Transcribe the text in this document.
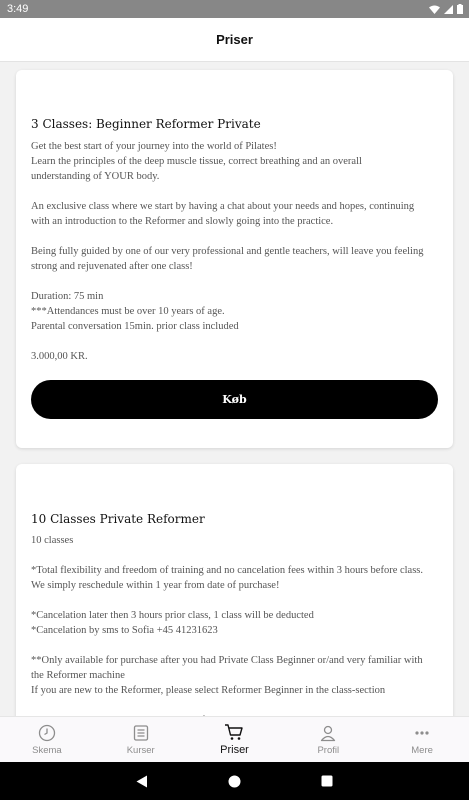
3:49
Priser
3 Classes: Beginner Reformer Private
Get the best start of your journey into the world of Pilates!
Learn the principles of the deep muscle tissue, correct breathing and an overall
understanding of YOUR body.
An exclusive class where we start by having a chat about your needs and hopes, continuing
with an introduction to the Reformer and slowly going into the practice.
Being fully guided by one of our very professional and gentle teachers, will leave you feeling
strong and rejuvenated after one class!
Duration: 75 min
***Attendances must be over 10 years of age.
Parental conversation 15min. prior class included
3.000,00 KR.
Køb
10 Classes Private Reformer
10 classes
*Total flexibility and freedom of training and no cancelation fees within 3 hours before class.
We simply reschedule within 1 year from date of purchase!
*Cancelation later then 3 hours prior class, 1 class will be deducted
*Cancelation by sms to Sofia +45 41231623
**Only available for purchase after you had Private Class Beginner or/and very familiar with
the Reformer machine
If you are new to the Reformer, please select Reformer Beginner in the class-section
Skema	Kurser	Priser	Profil	Mere
